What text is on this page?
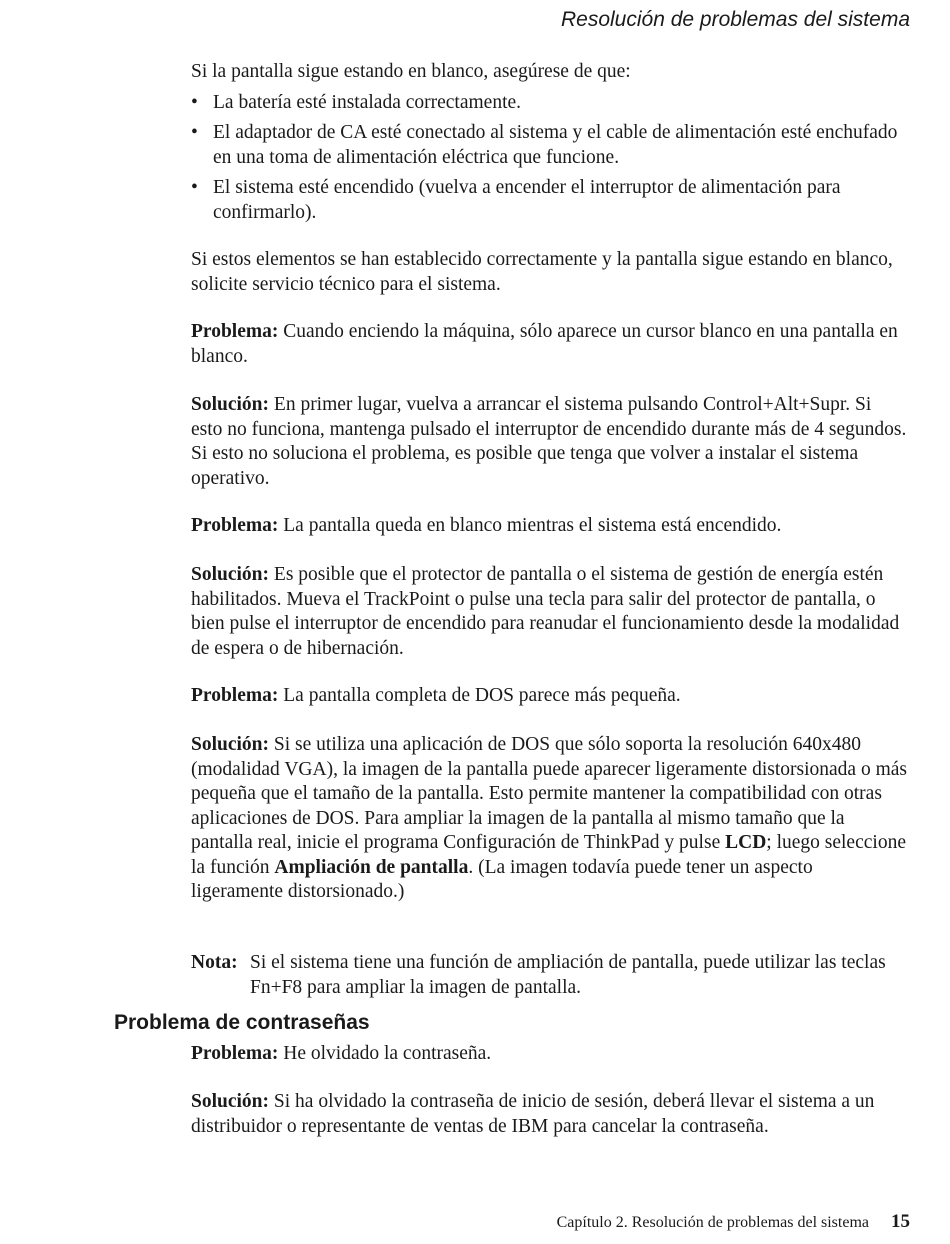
Resolución de problemas del sistema

Si la pantalla sigue estando en blanco, asegúrese de que:

• La batería esté instalada correctamente.
• El adaptador de CA esté conectado al sistema y el cable de alimentación esté enchufado en una toma de alimentación eléctrica que funcione.
• El sistema esté encendido (vuelva a encender el interruptor de alimentación para confirmarlo).

Si estos elementos se han establecido correctamente y la pantalla sigue estando en blanco, solicite servicio técnico para el sistema.

Problema: Cuando enciendo la máquina, sólo aparece un cursor blanco en una pantalla en blanco.

Solución: En primer lugar, vuelva a arrancar el sistema pulsando Control+Alt+Supr. Si esto no funciona, mantenga pulsado el interruptor de encendido durante más de 4 segundos. Si esto no soluciona el problema, es posible que tenga que volver a instalar el sistema operativo.

Problema: La pantalla queda en blanco mientras el sistema está encendido.

Solución: Es posible que el protector de pantalla o el sistema de gestión de energía estén habilitados. Mueva el TrackPoint o pulse una tecla para salir del protector de pantalla, o bien pulse el interruptor de encendido para reanudar el funcionamiento desde la modalidad de espera o de hibernación.

Problema: La pantalla completa de DOS parece más pequeña.

Solución: Si se utiliza una aplicación de DOS que sólo soporta la resolución 640x480 (modalidad VGA), la imagen de la pantalla puede aparecer ligeramente distorsionada o más pequeña que el tamaño de la pantalla. Esto permite mantener la compatibilidad con otras aplicaciones de DOS. Para ampliar la imagen de la pantalla al mismo tamaño que la pantalla real, inicie el programa Configuración de ThinkPad y pulse LCD; luego seleccione la función Ampliación de pantalla. (La imagen todavía puede tener un aspecto ligeramente distorsionado.)

Nota: Si el sistema tiene una función de ampliación de pantalla, puede utilizar las teclas Fn+F8 para ampliar la imagen de pantalla.
Problema de contraseñas

Problema: He olvidado la contraseña.

Solución: Si ha olvidado la contraseña de inicio de sesión, deberá llevar el sistema a un distribuidor o representante de ventas de IBM para cancelar la contraseña.

Capítulo 2. Resolución de problemas del sistema 15
